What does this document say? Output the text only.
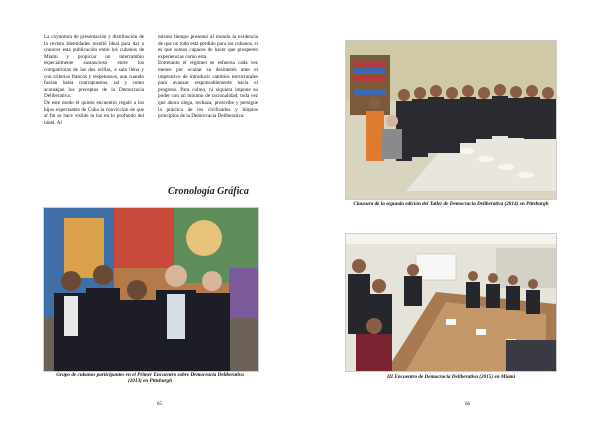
La coyuntura de presentación y distribución de la revista Identidades resultó ideal para dar a conocer esta publicación entre los cubanos de Miami y propiciar un intercambio especialmente sustancioso entre los compatriotas de las dos orillas, a sala llena y con criterios francos y respetuosos, aun cuando fueran hasta contrapuestos, tal y como aconsejan los preceptos de la Democracia Deliberativa.

De este modo el quinto encuentro regaló a los hijos expectantes de Cuba la convicción de que al fin se hace visible la luz en lo profundo del túnel. Al

mismo tiempo presentó al mundo la evidencia de que no todo está perdido para los cubanos, si es que somos capaces de hacer que prosperen experiencias como esta.

Entretanto el régimen se esfuerza cada vez menos por ocultar su desinterés ante el imperativo de introducir cambios estructurales para avanzar responsablemente hacia el progreso. Para colmo, ni siquiera impone su poder con un mínimo de racionalidad, toda vez que ahora niega, rechaza, proscribe y persigue la práctica de los civilizados y limpios principios de la Democracia Deliberativa.

Cronología Gráfica
Grupo de cubanos participantes en el Primer Encuentro sobre Democracia Deliberativa (2013) en Pittsburgh
65
Clausura de la segunda edición del Taller de Democracia Deliberativa (2014) en Pittsburgh
III Encuentro de Democracia Deliberativa (2015) en Miami
66
